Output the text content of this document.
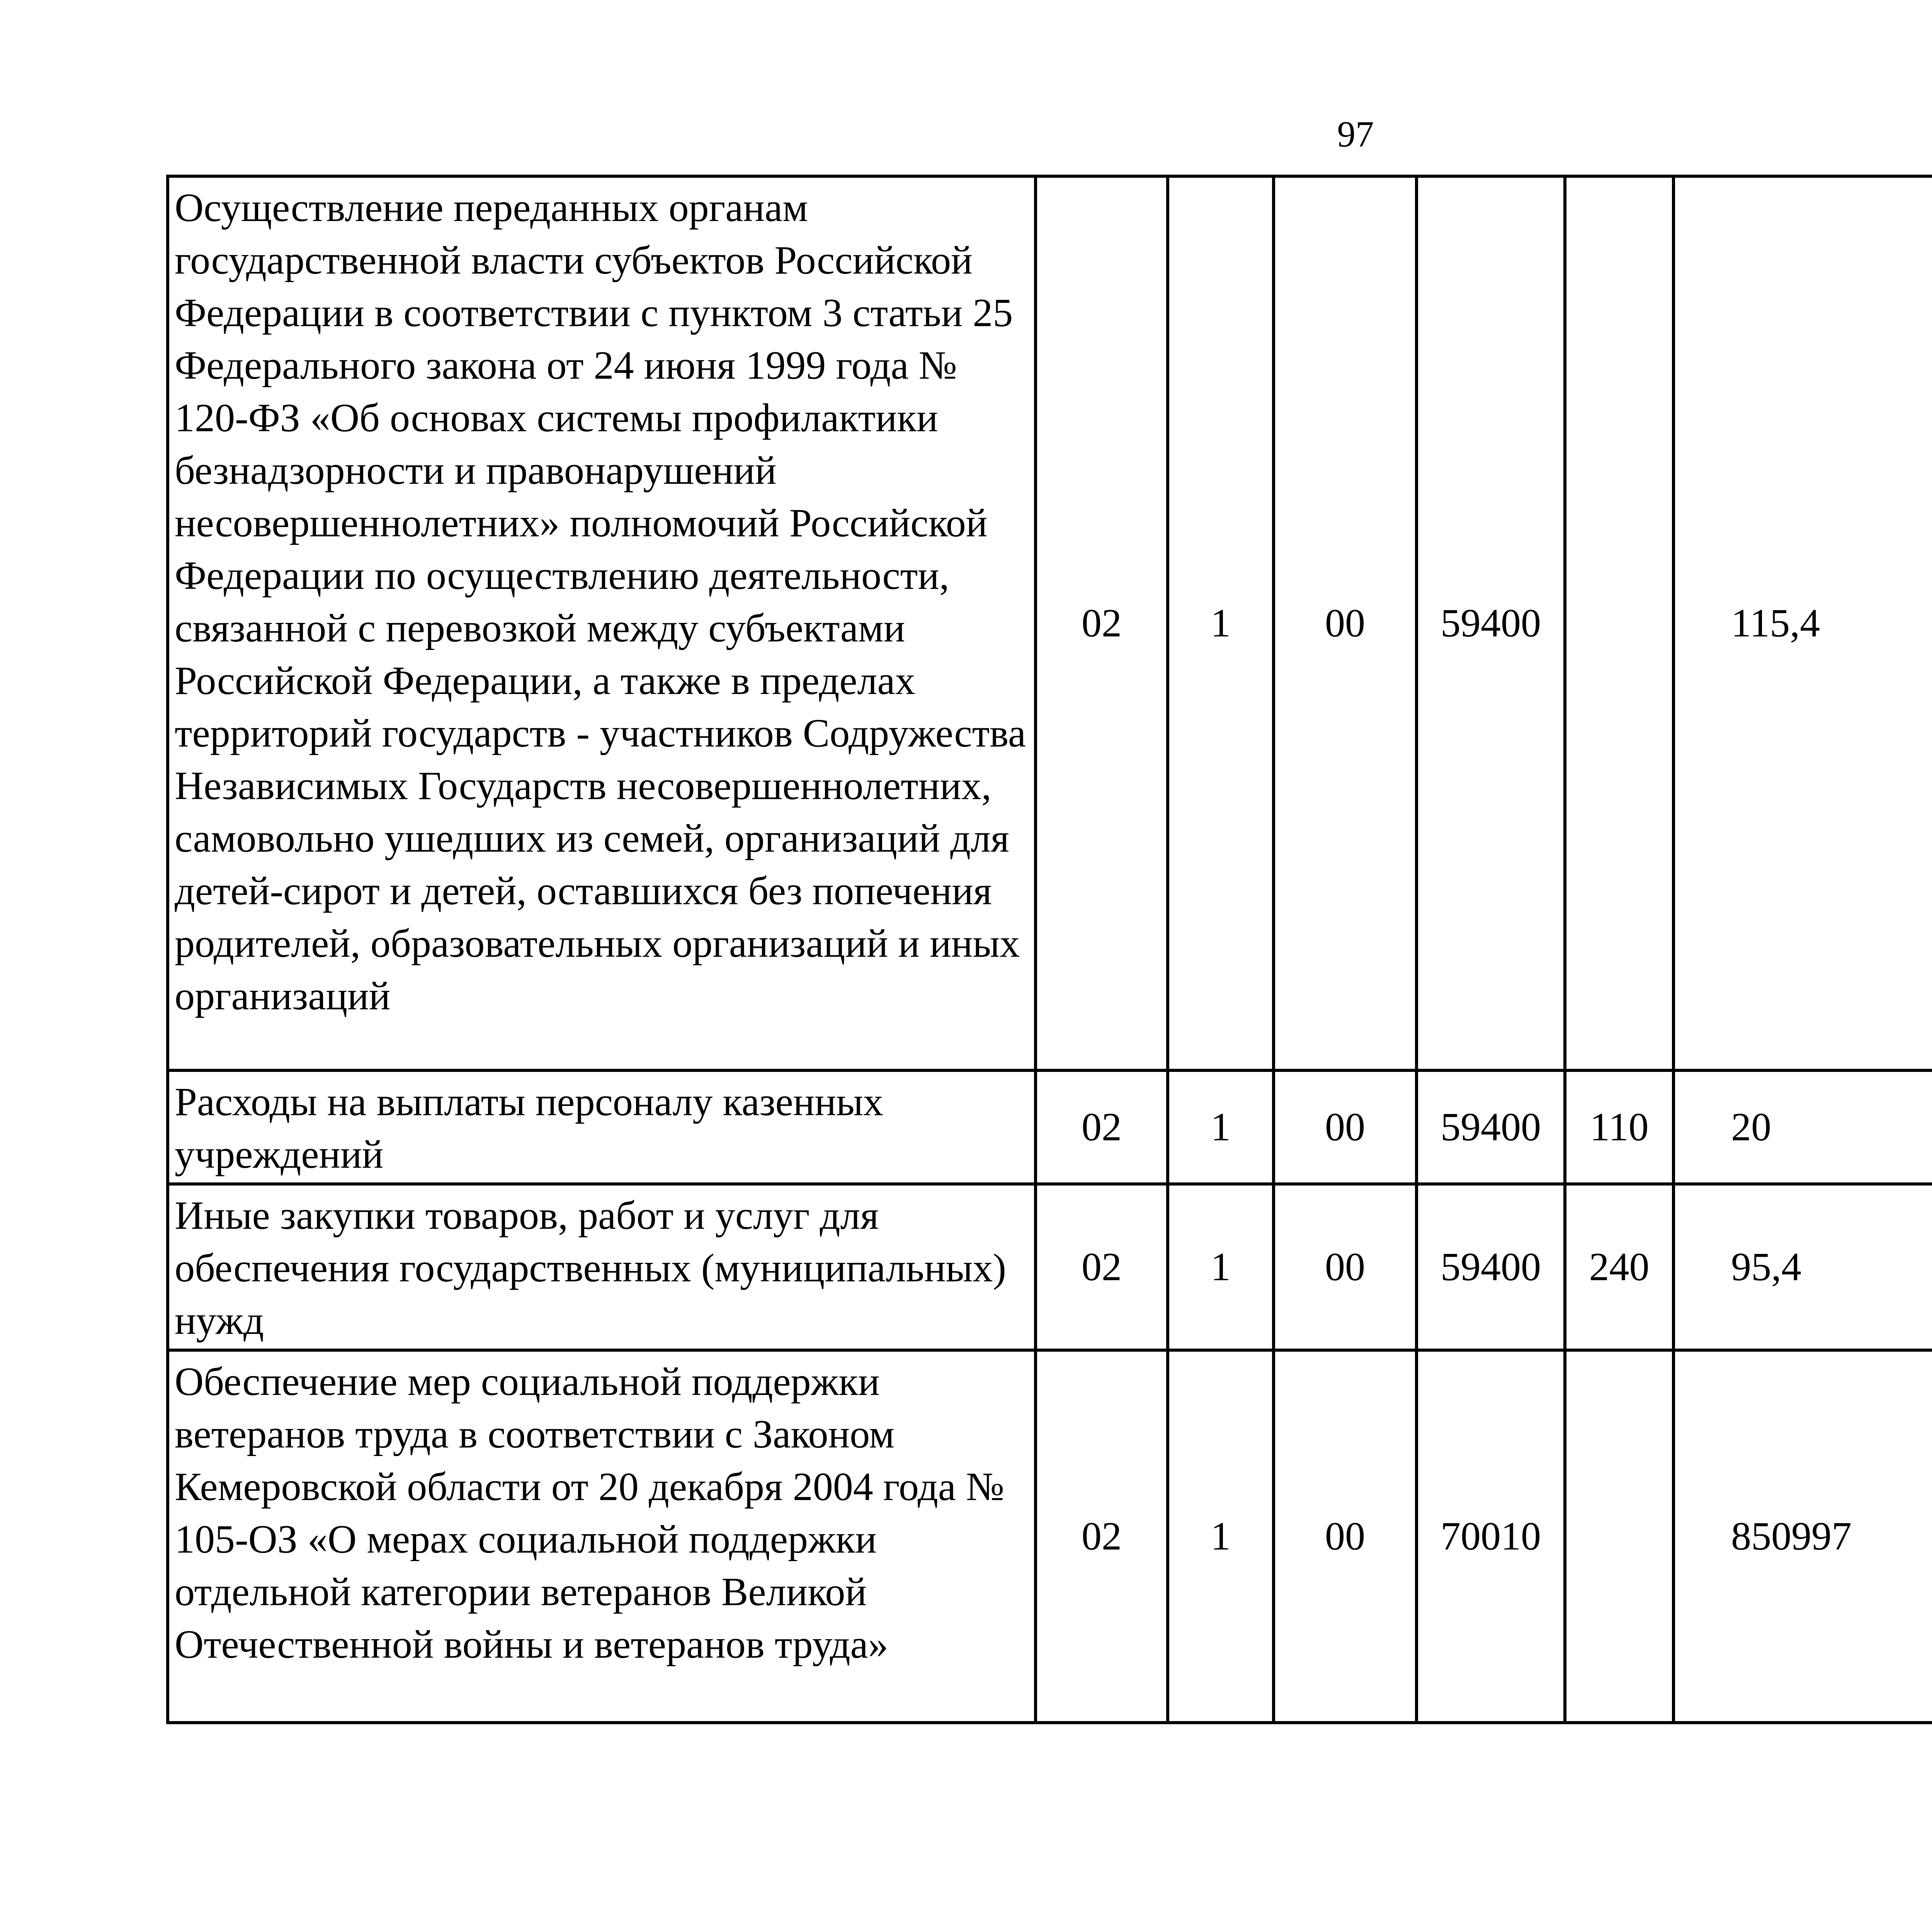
97
Осуществление переданных органам государственной власти субъектов Российской Федерации в соответствии с пунктом 3 статьи 25 Федерального закона от 24 июня 1999 года № 120-ФЗ «Об основах системы профилактики безнадзорности и правонарушений несовершеннолетних» полномочий Российской Федерации по осуществлению деятельности, связанной с перевозкой между субъектами Российской Федерации, а также в пределах территорий государств - участников Содружества Независимых Государств несовершеннолетних, самовольно ушедших из семей, организаций для детей-сирот и детей, оставшихся без попечения родителей, образовательных организаций и иных организаций	02	1	00	59400		115,4		
Расходы на выплаты персоналу казенных учреждений	02	1	00	59400	110	20		
Иные закупки товаров, работ и услуг для обеспечения государственных (муниципальных) нужд	02	1	00	59400	240	95,4		
Обеспечение мер социальной поддержки ветеранов труда в соответствии с Законом Кемеровской области от 20 декабря 2004 года № 105-ОЗ «О мерах социальной поддержки отдельной категории ветеранов Великой Отечественной войны и ветеранов труда»	02	1	00	70010		850997		
